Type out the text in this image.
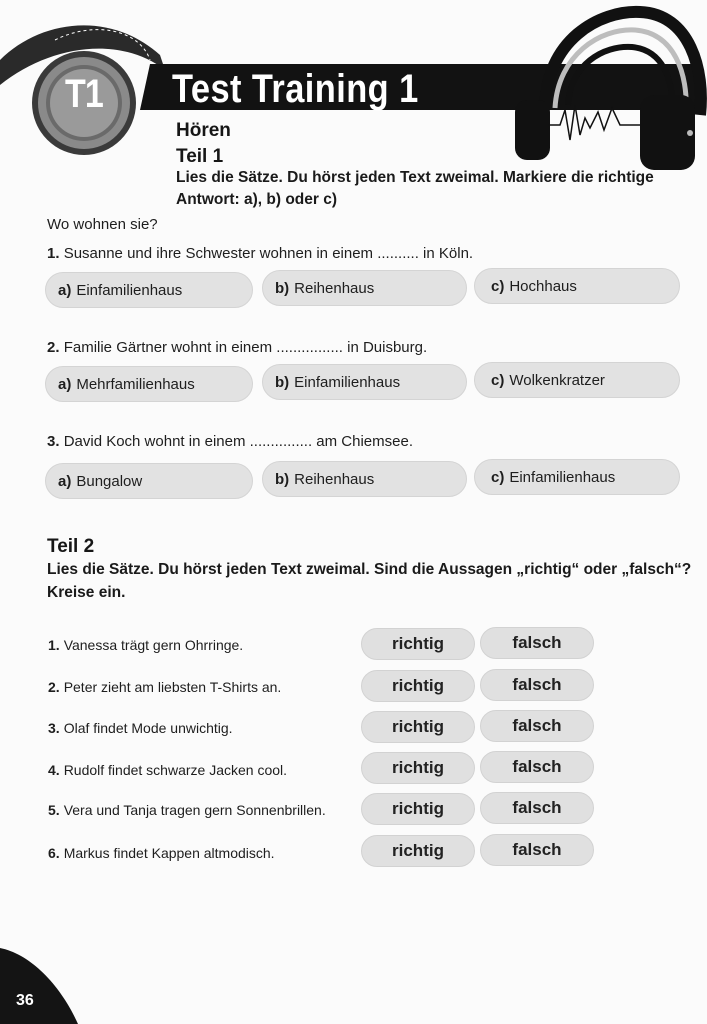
T1 Test Training 1
Hören
Teil 1
Lies die Sätze. Du hörst jeden Text zweimal. Markiere die richtige
Antwort: a), b) oder c)
Wo wohnen sie?
1. Susanne und ihre Schwester wohnen in einem .......... in Köln.
a) Einfamilienhaus	b) Reihenhaus	c) Hochhaus
2. Familie Gärtner wohnt in einem ................ in Duisburg.
a) Mehrfamilienhaus	b) Einfamilienhaus	c) Wolkenkratzer
3. David Koch wohnt in einem ............... am Chiemsee.
a) Bungalow	b) Reihenhaus	c) Einfamilienhaus
Teil 2
Lies die Sätze. Du hörst jeden Text zweimal. Sind die Aussagen „richtig“ oder „falsch“?
Kreise ein.
1. Vanessa trägt gern Ohrringe.	richtig	falsch
2. Peter zieht am liebsten T-Shirts an.	richtig	falsch
3. Olaf findet Mode unwichtig.	richtig	falsch
4. Rudolf findet schwarze Jacken cool.	richtig	falsch
5. Vera und Tanja tragen gern Sonnenbrillen.	richtig	falsch
6. Markus findet Kappen altmodisch.	richtig	falsch
36
